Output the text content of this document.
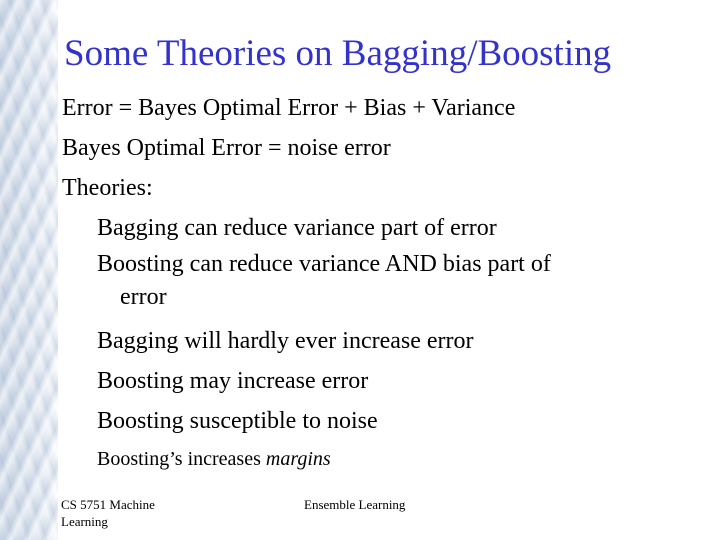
Some Theories on Bagging/Boosting
Error = Bayes Optimal Error + Bias + Variance
Bayes Optimal Error = noise error
Theories:
Bagging can reduce variance part of error
Boosting can reduce variance AND bias part of
error
Bagging will hardly ever increase error
Boosting may increase error
Boosting susceptible to noise
Boosting’s increases margins
CS 5751 Machine Learning
Ensemble Learning
